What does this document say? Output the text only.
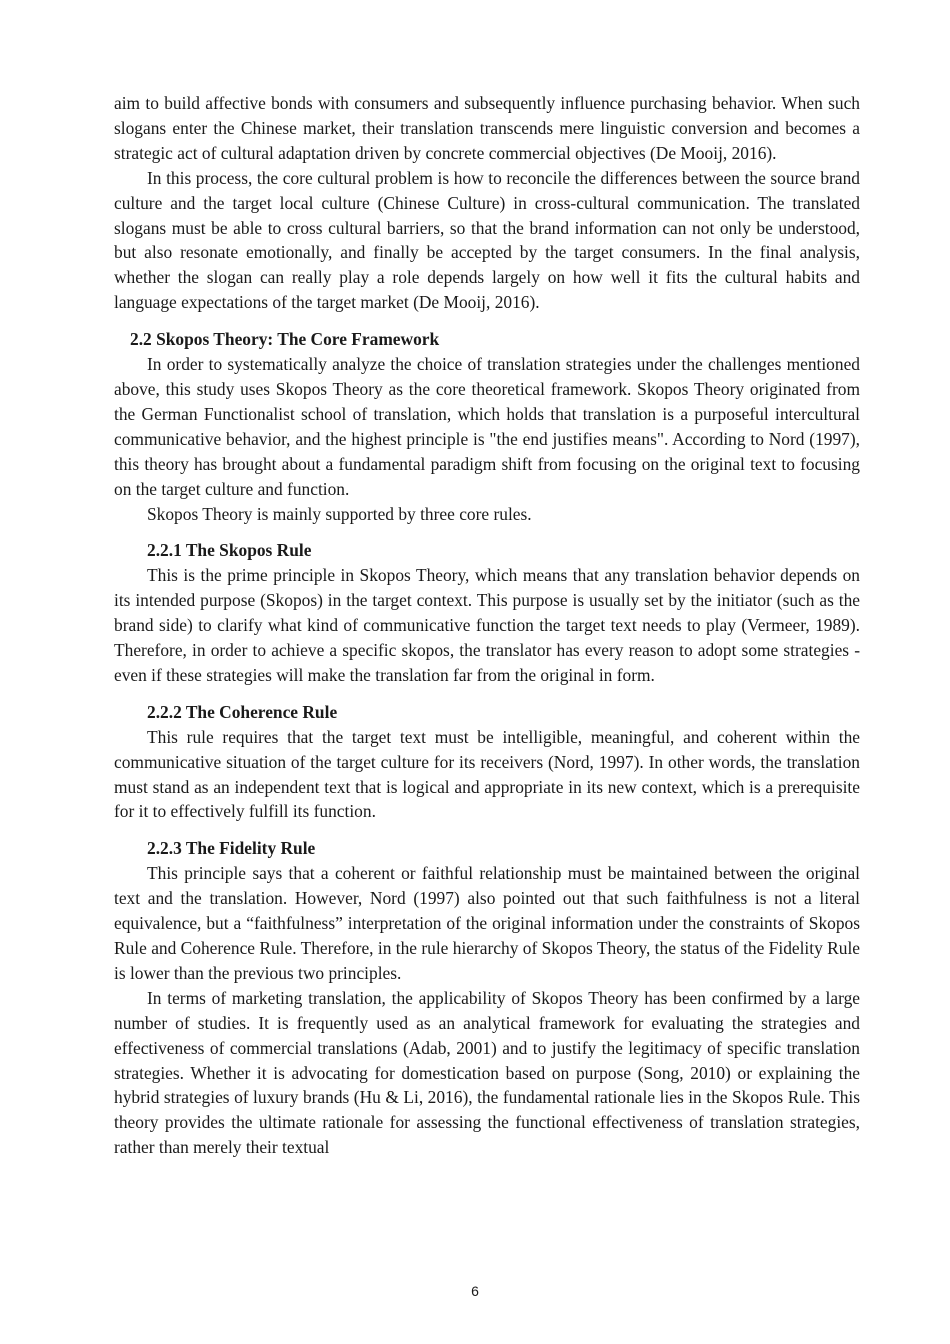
aim to build affective bonds with consumers and subsequently influence purchasing behavior. When such slogans enter the Chinese market, their translation transcends mere linguistic conversion and becomes a strategic act of cultural adaptation driven by concrete commercial objectives (De Mooij, 2016).

In this process, the core cultural problem is how to reconcile the differences between the source brand culture and the target local culture (Chinese Culture) in cross-cultural communication. The translated slogans must be able to cross cultural barriers, so that the brand information can not only be understood, but also resonate emotionally, and finally be accepted by the target consumers. In the final analysis, whether the slogan can really play a role depends largely on how well it fits the cultural habits and language expectations of the target market (De Mooij, 2016).

2.2 Skopos Theory: The Core Framework

In order to systematically analyze the choice of translation strategies under the challenges mentioned above, this study uses Skopos Theory as the core theoretical framework. Skopos Theory originated from the German Functionalist school of translation, which holds that translation is a purposeful intercultural communicative behavior, and the highest principle is "the end justifies means". According to Nord (1997), this theory has brought about a fundamental paradigm shift from focusing on the original text to focusing on the target culture and function.

Skopos Theory is mainly supported by three core rules.

2.2.1 The Skopos Rule

This is the prime principle in Skopos Theory, which means that any translation behavior depends on its intended purpose (Skopos) in the target context. This purpose is usually set by the initiator (such as the brand side) to clarify what kind of communicative function the target text needs to play (Vermeer, 1989). Therefore, in order to achieve a specific skopos, the translator has every reason to adopt some strategies - even if these strategies will make the translation far from the original in form.

2.2.2 The Coherence Rule

This rule requires that the target text must be intelligible, meaningful, and coherent within the communicative situation of the target culture for its receivers (Nord, 1997). In other words, the translation must stand as an independent text that is logical and appropriate in its new context, which is a prerequisite for it to effectively fulfill its function.

2.2.3 The Fidelity Rule

This principle says that a coherent or faithful relationship must be maintained between the original text and the translation. However, Nord (1997) also pointed out that such faithfulness is not a literal equivalence, but a “faithfulness” interpretation of the original information under the constraints of Skopos Rule and Coherence Rule. Therefore, in the rule hierarchy of Skopos Theory, the status of the Fidelity Rule is lower than the previous two principles.

In terms of marketing translation, the applicability of Skopos Theory has been confirmed by a large number of studies. It is frequently used as an analytical framework for evaluating the strategies and effectiveness of commercial translations (Adab, 2001) and to justify the legitimacy of specific translation strategies. Whether it is advocating for domestication based on purpose (Song, 2010) or explaining the hybrid strategies of luxury brands (Hu & Li, 2016), the fundamental rationale lies in the Skopos Rule. This theory provides the ultimate rationale for assessing the functional effectiveness of translation strategies, rather than merely their textual

6
